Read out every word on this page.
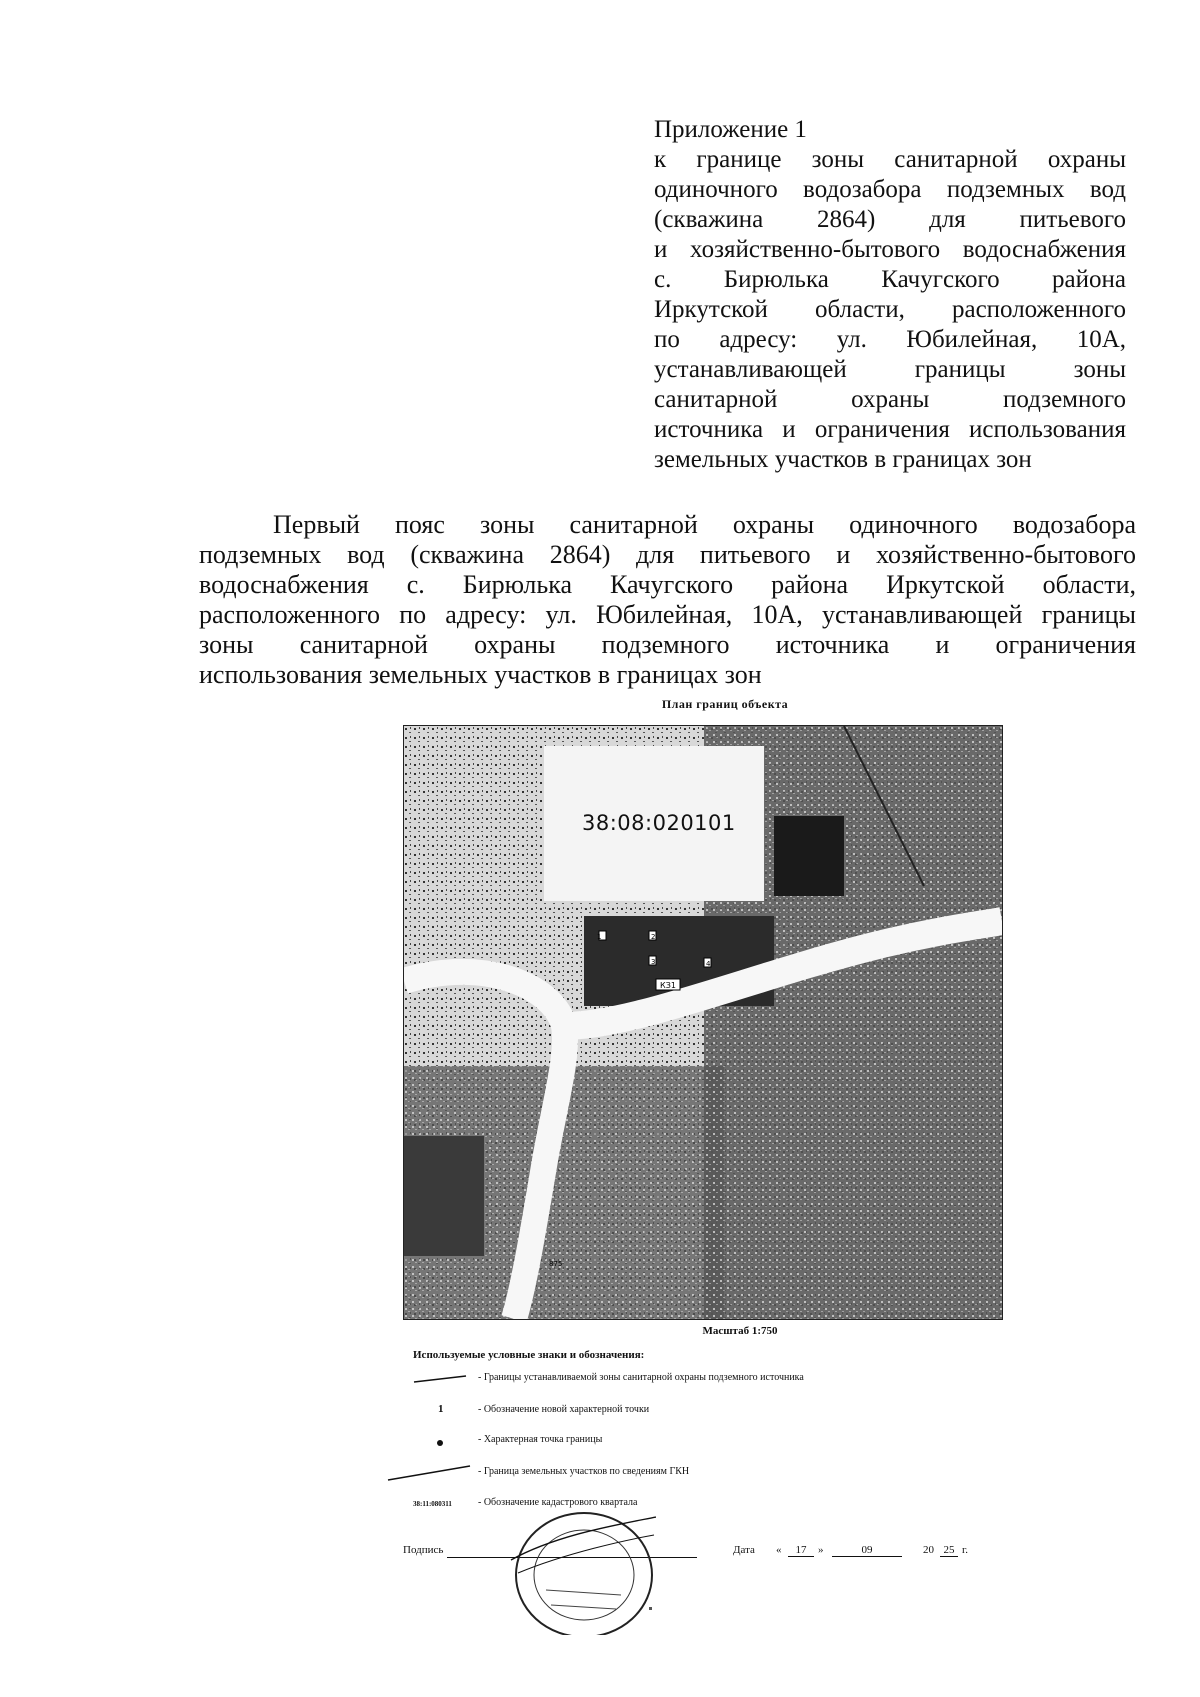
Приложение 1
к границе зоны санитарной охраны
одиночного водозабора подземных вод
(скважина 2864) для питьевого
и хозяйственно-бытового водоснабжения
с. Бирюлька Качугского района
Иркутской области, расположенного
по адресу: ул. Юбилейная, 10А,
устанавливающей границы зоны
санитарной охраны подземного
источника и ограничения использования
земельных участков в границах зон
Первый пояс зоны санитарной охраны одиночного водозабора
подземных вод (скважина 2864) для питьевого и хозяйственно-бытового
водоснабжения с. Бирюлька Качугского района Иркутской области,
расположенного по адресу: ул. Юбилейная, 10А, устанавливающей границы
зоны санитарной охраны подземного источника и ограничения
использования земельных участков в границах зон
План границ объекта
КЗ1
1	2
3	4
875
38:08:020101
Масштаб 1:750
Используемые условные знаки и обозначения:
- Границы устанавливаемой зоны санитарной охраны подземного источника
1	- Обозначение новой характерной точки
- Характерная точка границы
- Граница земельных участков по сведениям ГКН
38:11:080311	- Обозначение кадастрового квартала
Подпись	Дата «	17	»	09	20 25 г.
